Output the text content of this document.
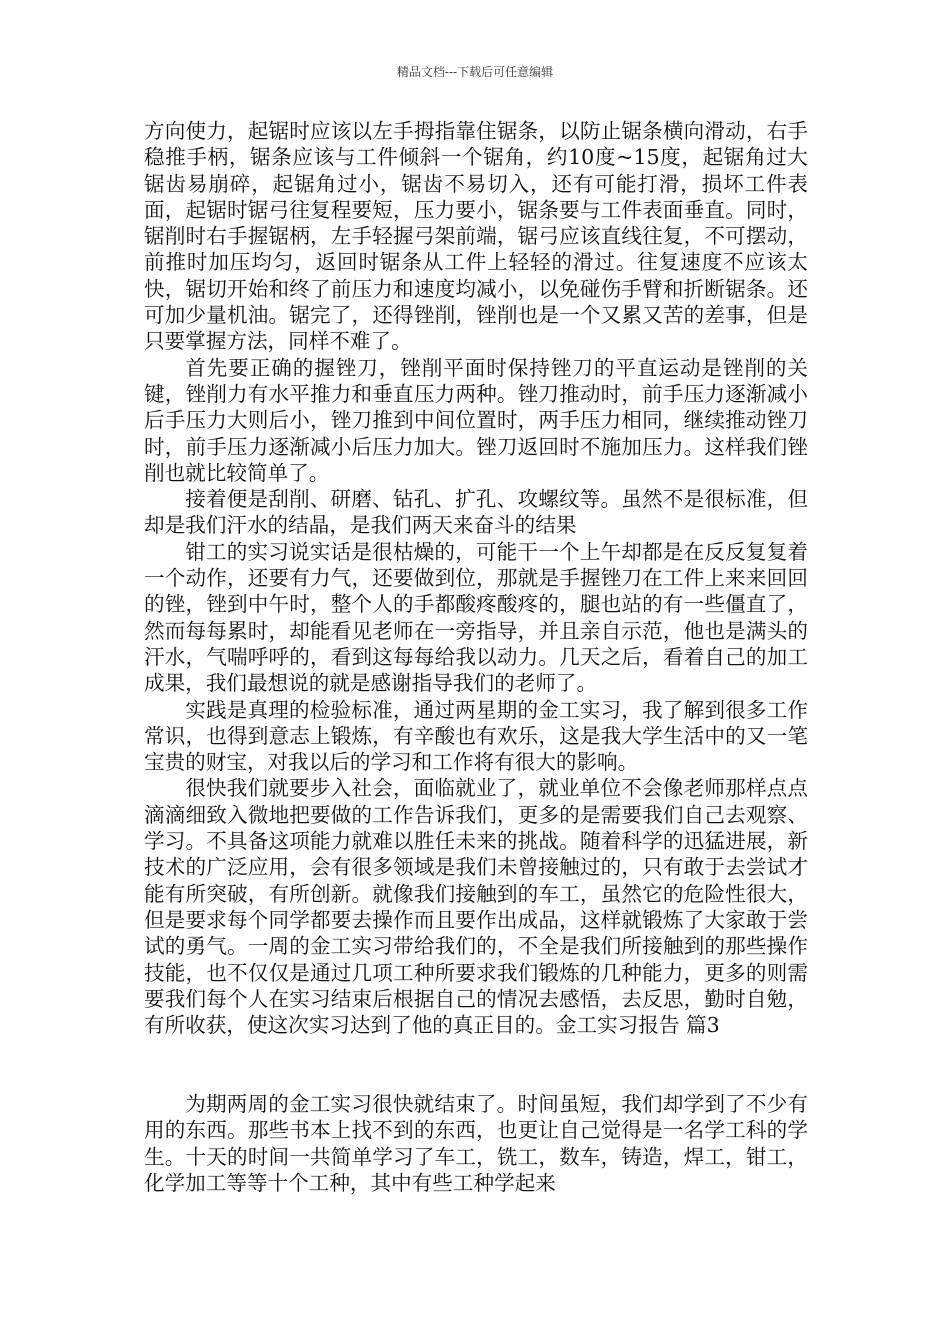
精品文档---下载后可任意编辑

方向使力，起锯时应该以左手拇指靠住锯条，以防止锯条横向滑动，右手稳推手柄，锯条应该与工件倾斜一个锯角，约10度~15度，起锯角过大锯齿易崩碎，起锯角过小，锯齿不易切入，还有可能打滑，损坏工件表面，起锯时锯弓往复程要短，压力要小，锯条要与工件表面垂直。同时，锯削时右手握锯柄，左手轻握弓架前端，锯弓应该直线往复，不可摆动，前推时加压均匀，返回时锯条从工件上轻轻的滑过。往复速度不应该太快，锯切开始和终了前压力和速度均减小，以免碰伤手臂和折断锯条。还可加少量机油。锯完了，还得锉削，锉削也是一个又累又苦的差事，但是只要掌握方法，同样不难了。

首先要正确的握锉刀，锉削平面时保持锉刀的平直运动是锉削的关键，锉削力有水平推力和垂直压力两种。锉刀推动时，前手压力逐渐减小后手压力大则后小，锉刀推到中间位置时，两手压力相同，继续推动锉刀时，前手压力逐渐减小后压力加大。锉刀返回时不施加压力。这样我们锉削也就比较简单了。

接着便是刮削、研磨、钻孔、扩孔、攻螺纹等。虽然不是很标准，但却是我们汗水的结晶，是我们两天来奋斗的结果

钳工的实习说实话是很枯燥的，可能干一个上午却都是在反反复复着一个动作，还要有力气，还要做到位，那就是手握锉刀在工件上来来回回的锉，锉到中午时，整个人的手都酸疼酸疼的，腿也站的有一些僵直了，然而每每累时，却能看见老师在一旁指导，并且亲自示范，他也是满头的汗水，气喘呼呼的，看到这每每给我以动力。几天之后，看着自己的加工成果，我们最想说的就是感谢指导我们的老师了。

实践是真理的检验标准，通过两星期的金工实习，我了解到很多工作常识，也得到意志上锻炼，有辛酸也有欢乐，这是我大学生活中的又一笔宝贵的财宝，对我以后的学习和工作将有很大的影响。

很快我们就要步入社会，面临就业了，就业单位不会像老师那样点点滴滴细致入微地把要做的工作告诉我们，更多的是需要我们自己去观察、学习。不具备这项能力就难以胜任未来的挑战。随着科学的迅猛进展，新技术的广泛应用，会有很多领域是我们未曾接触过的，只有敢于去尝试才能有所突破，有所创新。就像我们接触到的车工，虽然它的危险性很大，但是要求每个同学都要去操作而且要作出成品，这样就锻炼了大家敢于尝试的勇气。一周的金工实习带给我们的，不全是我们所接触到的那些操作技能，也不仅仅是通过几项工种所要求我们锻炼的几种能力，更多的则需要我们每个人在实习结束后根据自己的情况去感悟，去反思，勤时自勉，有所收获，使这次实习达到了他的真正目的。金工实习报告 篇3

为期两周的金工实习很快就结束了。时间虽短，我们却学到了不少有用的东西。那些书本上找不到的东西，也更让自己觉得是一名学工科的学生。十天的时间一共简单学习了车工，铣工，数车，铸造，焊工，钳工，化学加工等等十个工种，其中有些工种学起来
